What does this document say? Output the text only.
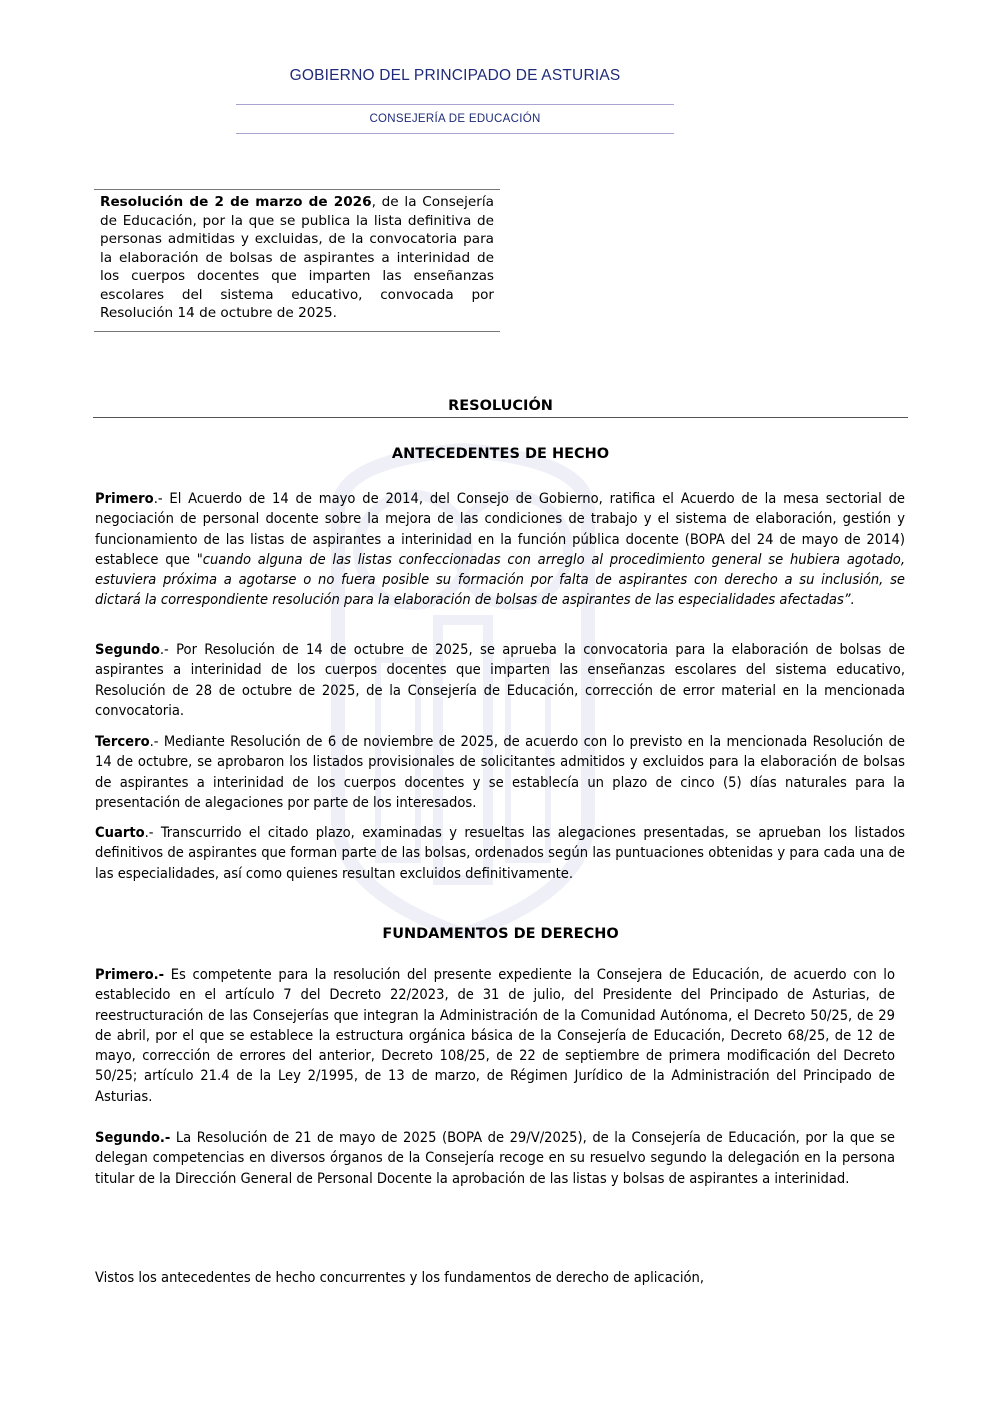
GOBIERNO DEL PRINCIPADO DE ASTURIAS
CONSEJERÍA DE EDUCACIÓN
Resolución de 2 de marzo de 2026, de la Consejería de Educación, por la que se publica la lista definitiva de personas admitidas y excluidas, de la convocatoria para la elaboración de bolsas de aspirantes a interinidad de los cuerpos docentes que imparten las enseñanzas escolares del sistema educativo, convocada por Resolución 14 de octubre de 2025.
RESOLUCIÓN
ANTECEDENTES DE HECHO
Primero.- El Acuerdo de 14 de mayo de 2014, del Consejo de Gobierno, ratifica el Acuerdo de la mesa sectorial de negociación de personal docente sobre la mejora de las condiciones de trabajo y el sistema de elaboración, gestión y funcionamiento de las listas de aspirantes a interinidad en la función pública docente (BOPA del 24 de mayo de 2014) establece que "cuando alguna de las listas confeccionadas con arreglo al procedimiento general se hubiera agotado, estuviera próxima a agotarse o no fuera posible su formación por falta de aspirantes con derecho a su inclusión, se dictará la correspondiente resolución para la elaboración de bolsas de aspirantes de las especialidades afectadas”.
Segundo.- Por Resolución de 14 de octubre de 2025, se aprueba la convocatoria para la elaboración de bolsas de aspirantes a interinidad de los cuerpos docentes que imparten las enseñanzas escolares del sistema educativo, Resolución de 28 de octubre de 2025, de la Consejería de Educación, corrección de error material en la mencionada convocatoria.
Tercero.- Mediante Resolución de 6 de noviembre de 2025, de acuerdo con lo previsto en la mencionada Resolución de 14 de octubre, se aprobaron los listados provisionales de solicitantes admitidos y excluidos para la elaboración de bolsas de aspirantes a interinidad de los cuerpos docentes y se establecía un plazo de cinco (5) días naturales para la presentación de alegaciones por parte de los interesados.
Cuarto.- Transcurrido el citado plazo, examinadas y resueltas las alegaciones presentadas, se aprueban los listados definitivos de aspirantes que forman parte de las bolsas, ordenados según las puntuaciones obtenidas y para cada una de las especialidades, así como quienes resultan excluidos definitivamente.
FUNDAMENTOS DE DERECHO
Primero.- Es competente para la resolución del presente expediente la Consejera de Educación, de acuerdo con lo establecido en el artículo 7 del Decreto 22/2023, de 31 de julio, del Presidente del Principado de Asturias, de reestructuración de las Consejerías que integran la Administración de la Comunidad Autónoma, el Decreto 50/25, de 29 de abril, por el que se establece la estructura orgánica básica de la Consejería de Educación, Decreto 68/25, de 12 de mayo, corrección de errores del anterior, Decreto 108/25, de 22 de septiembre de primera modificación del Decreto 50/25; artículo 21.4 de la Ley 2/1995, de 13 de marzo, de Régimen Jurídico de la Administración del Principado de Asturias.
Segundo.- La Resolución de 21 de mayo de 2025 (BOPA de 29/V/2025), de la Consejería de Educación, por la que se delegan competencias en diversos órganos de la Consejería recoge en su resuelvo segundo la delegación en la persona titular de la Dirección General de Personal Docente la aprobación de las listas y bolsas de aspirantes a interinidad.
Vistos los antecedentes de hecho concurrentes y los fundamentos de derecho de aplicación,
